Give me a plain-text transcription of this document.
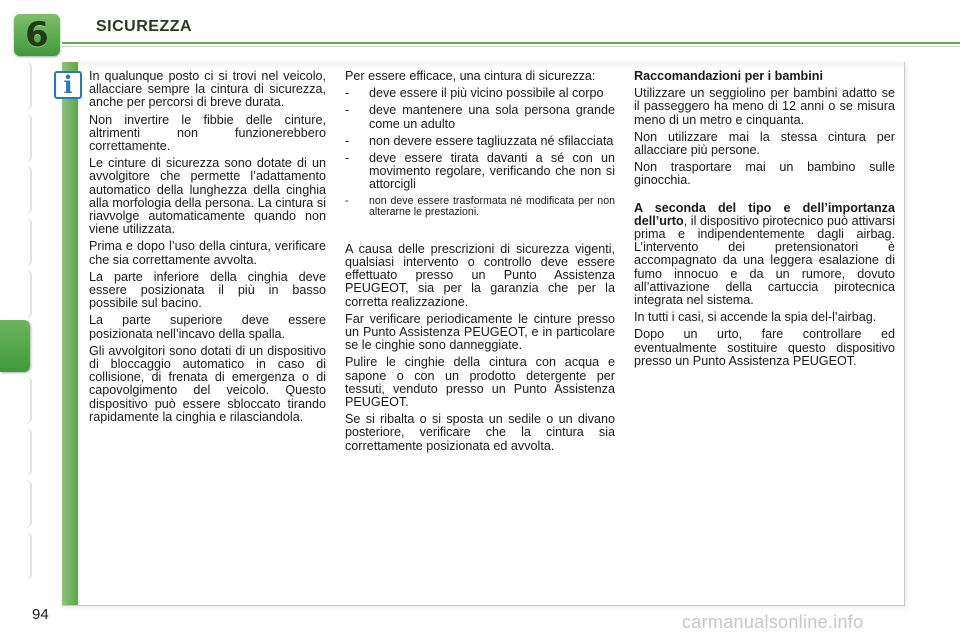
6	SICUREZZA
i	In qualunque posto ci si trovi nel veicolo, allacciare sempre la cintura di sicurezza, anche per percorsi di breve durata.

Non invertire le fibbie delle cinture, altrimenti non funzionerebbero correttamente.

Le cinture di sicurezza sono dotate di un avvolgitore che permette l’adattamento automatico della lunghezza della cinghia alla morfologia della persona. La cintura si riavvolge automaticamente quando non viene utilizzata.

Prima e dopo l’uso della cintura, verificare che sia correttamente avvolta.

La parte inferiore della cinghia deve essere posizionata il più in basso possibile sul bacino.

La parte superiore deve essere posizionata nell’incavo della spalla.

Gli avvolgitori sono dotati di un dispositivo di bloccaggio automatico in caso di collisione, di frenata di emergenza o di capovolgimento del veicolo. Questo dispositivo può essere sbloccato tirando rapidamente la cinghia e rilasciandola.

Per essere efficace, una cintura di sicurezza:

- deve essere il più vicino possibile al corpo
- deve mantenere una sola persona grande come un adulto
- non devere essere tagliuzzata né sfilacciata
- deve essere tirata davanti a sé con un movimento regolare, verificando che non si attorcigli
- non deve essere trasformata né modificata per non alterarne le prestazioni.

A causa delle prescrizioni di sicurezza vigenti, qualsiasi intervento o controllo deve essere effettuato presso un Punto Assistenza PEUGEOT, sia per la garanzia che per la corretta realizzazione.

Far verificare periodicamente le cinture presso un Punto Assistenza PEUGEOT, e in particolare se le cinghie sono danneggiate.

Pulire le cinghie della cintura con acqua e sapone o con un prodotto detergente per tessuti, venduto presso un Punto Assistenza PEUGEOT.

Se si ribalta o si sposta un sedile o un divano posteriore, verificare che la cintura sia correttamente posizionata ed avvolta.

Raccomandazioni per i bambini

Utilizzare un seggiolino per bambini adatto se il passeggero ha meno di 12 anni o se misura meno di un metro e cinquanta.

Non utilizzare mai la stessa cintura per allacciare più persone.

Non trasportare mai un bambino sulle ginocchia.

A seconda del tipo e dell’importanza dell’urto, il dispositivo pirotecnico può attivarsi prima e indipendentemente dagli airbag. L’intervento dei pretensionatori è accompagnato da una leggera esalazione di fumo innocuo e da un rumore, dovuto all’attivazione della cartuccia pirotecnica integrata nel sistema.

In tutti i casi, si accende la spia del-l’airbag.

Dopo un urto, fare controllare ed eventualmente sostituire questo dispositivo presso un Punto Assistenza PEUGEOT.

94	carmanualsonline.info
